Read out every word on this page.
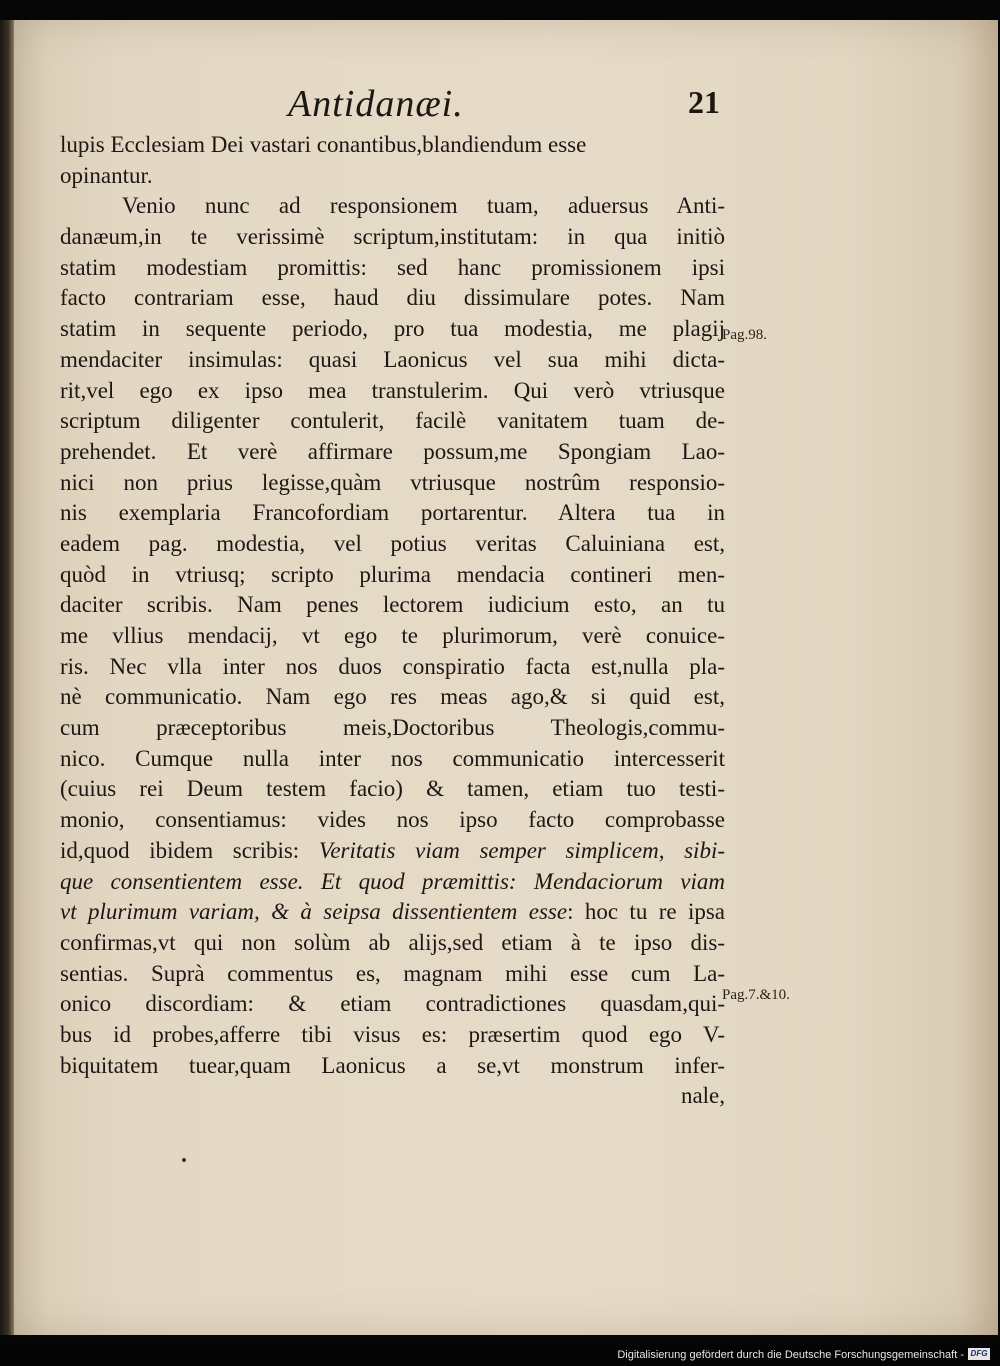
Antidanæi.	21
lupis Ecclesiam Dei vastari conantibus,blandiendum esse
opinantur.
Venio nunc ad responsionem tuam, aduersus Anti-
danæum,in te verissimè scriptum,institutam: in qua initiò
statim modestiam promittis: sed hanc promissionem ipsi
facto contrariam esse, haud diu dissimulare potes. Nam
statim in sequente periodo, pro tua modestia, me plagij
mendaciter insimulas: quasi Laonicus vel sua mihi dicta-
rit,vel ego ex ipso mea transtulerim. Qui verò vtriusque
scriptum diligenter contulerit, facilè vanitatem tuam de-
prehendet. Et verè affirmare possum,me Spongiam Lao-
nici non prius legisse,quàm vtriusque nostrûm responsio-
nis exemplaria Francofordiam portarentur. Altera tua in
eadem pag. modestia, vel potius veritas Caluiniana est,
quòd in vtriusq; scripto plurima mendacia contineri men-
daciter scribis. Nam penes lectorem iudicium esto, an tu
me vllius mendacij, vt ego te plurimorum, verè conuice-
ris. Nec vlla inter nos duos conspiratio facta est,nulla pla-
nè communicatio. Nam ego res meas ago,& si quid est,
cum præceptoribus meis,Doctoribus Theologis,commu-
nico. Cumque nulla inter nos communicatio intercesserit
(cuius rei Deum testem facio) & tamen, etiam tuo testi-
monio, consentiamus: vides nos ipso facto comprobasse
id,quod ibidem scribis: Veritatis viam semper simplicem, sibi-
que consentientem esse. Et quod præmittis: Mendaciorum viam
vt plurimum variam, & à seipsa dissentientem esse: hoc tu re ipsa
confirmas,vt qui non solùm ab alijs,sed etiam à te ipso dis-
sentias. Suprà commentus es, magnam mihi esse cum La-
onico discordiam: & etiam contradictiones quasdam,qui-
bus id probes,afferre tibi visus es: præsertim quod ego V-
biquitatem tuear,quam Laonicus a se,vt monstrum infer-
nale,
Pag.98.
Pag.7.&10.
Digitalisierung gefördert durch die Deutsche Forschungsgemeinschaft - DFG
